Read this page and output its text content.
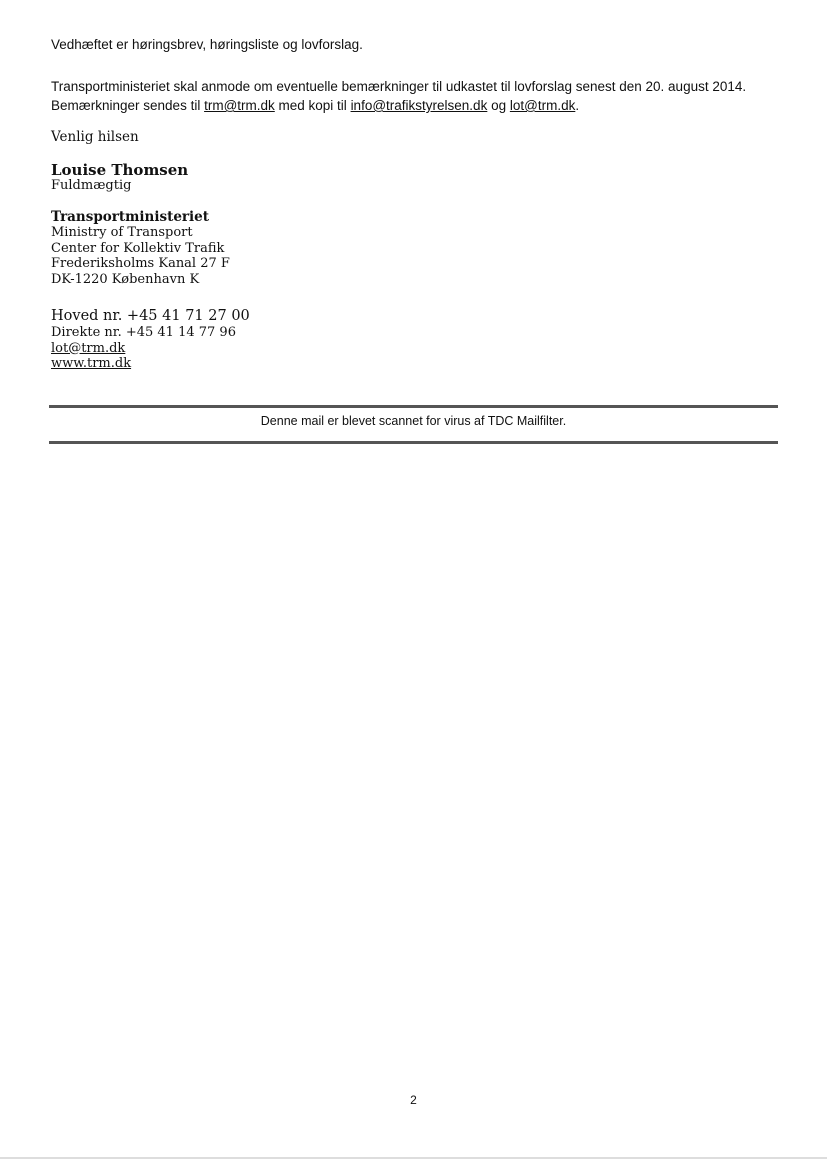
Vedhæftet er høringsbrev, høringsliste og lovforslag.

Transportministeriet skal anmode om eventuelle bemærkninger til udkastet til lovforslag senest den 20. august 2014. Bemærkninger sendes til trm@trm.dk med kopi til info@trafikstyrelsen.dk og lot@trm.dk.

Venlig hilsen

Louise Thomsen

Fuldmægtig

Transportministeriet

Ministry of Transport
Center for Kollektiv Trafik
Frederiksholms Kanal 27 F
DK-1220 København K
Hoved nr. +45 41 71 27 00
Direkte nr. +45 41 14 77 96
lot@trm.dk
www.trm.dk
Denne mail er blevet scannet for virus af TDC Mailfilter.
2
